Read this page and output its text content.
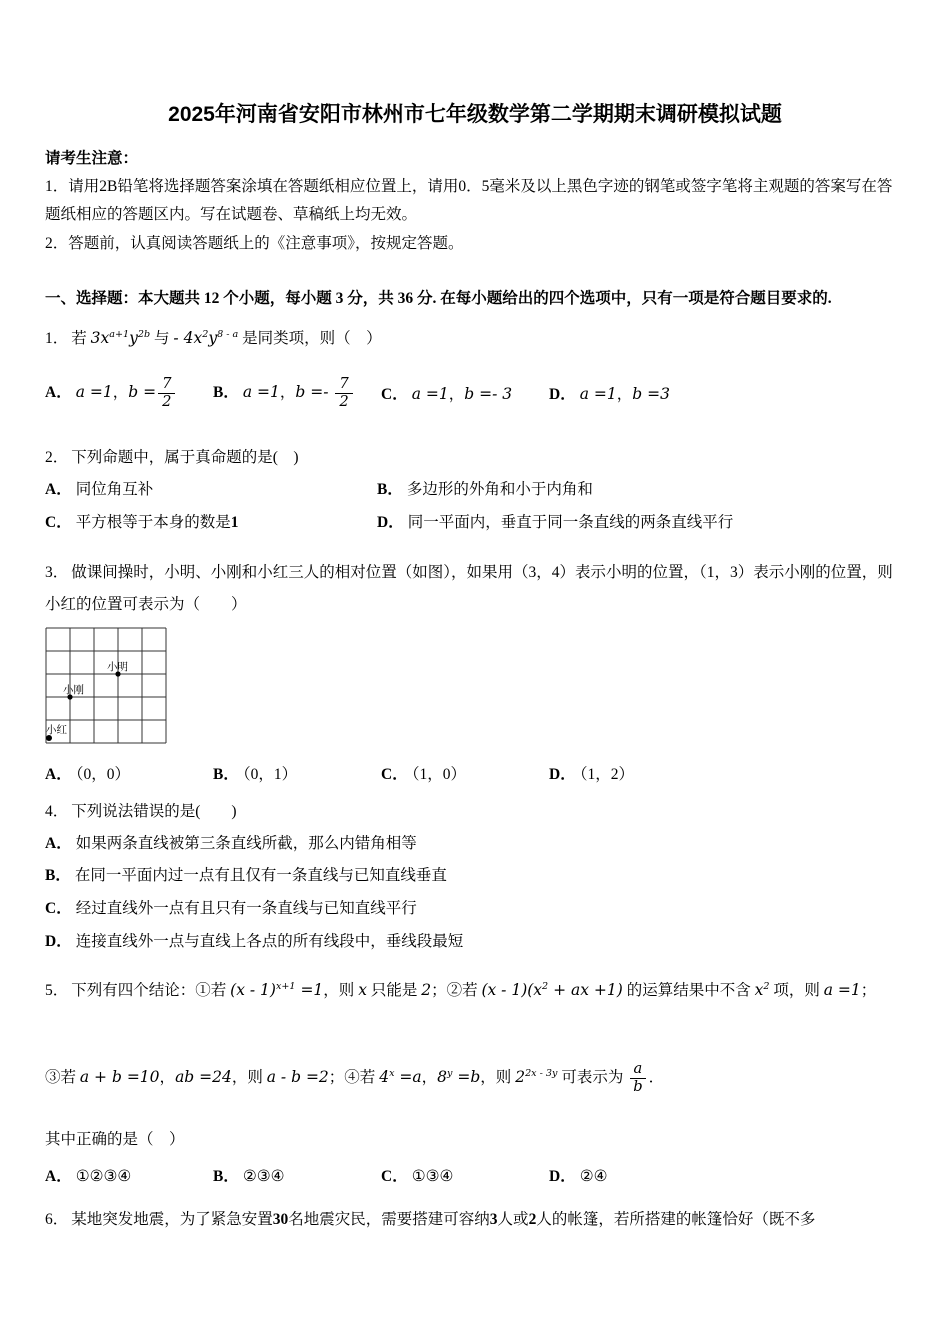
2025年河南省安阳市林州市七年级数学第二学期期末调研模拟试题

请考生注意：

1．请用2B铅笔将选择题答案涂填在答题纸相应位置上，请用0．5毫米及以上黑色字迹的钢笔或签字笔将主观题的答案写在答题纸相应的答题区内。写在试题卷、草稿纸上均无效。

2．答题前，认真阅读答题纸上的《注意事项》，按规定答题。

一、选择题：本大题共 12 个小题，每小题 3 分，共 36 分. 在每小题给出的四个选项中，只有一项是符合题目要求的.

1． 若 $3x^{a+1}y^{2b}$ 与 - $4x^2y^{8 - a}$ 是同类项，则（　）

A． a =1，$b = \frac{7}{2}$ B． a =1，$b =- \frac{7}{2}$ C． a =1，b =- 3	D． a =1，b =3

2． 下列命题中，属于真命题的是(　)

A． 同位角互补	B． 多边形的外角和小于内角和
C． 平方根等于本身的数是1	D． 同一平面内，垂直于同一条直线的两条直线平行

3． 做课间操时，小明、小刚和小红三人的相对位置（如图），如果用（3，4）表示小明的位置，（1，3）表示小刚的位置，则小红的位置可表示为（　　）

小明
小刚
小红
A． （0，0）	B． （0，1）	C． （1，0）	D． （1，2）

4． 下列说法错误的是(　　)

A． 如果两条直线被第三条直线所截，那么内错角相等

B． 在同一平面内过一点有且仅有一条直线与已知直线垂直

C． 经过直线外一点有且只有一条直线与已知直线平行

D． 连接直线外一点与直线上各点的所有线段中，垂线段最短

5． 下列有四个结论：①若 (x - 1)$^{x+1}$ =1，则 x 只能是 2；②若 $(x - 1)(x^2$ + ax +1) 的运算结果中不含 $x^2$ 项，则 a =1；

③若 a + b =10，ab =24，则 a - b =2；④若 $4^x =a$，$8^y =b$，则 $2^{2x - 3y}$ 可表示为 $\frac{a}{b}$ ．

其中正确的是（　）

A． ①②③④	B． ②③④	C． ①③④	D． ②④

6． 某地突发地震，为了紧急安置30名地震灾民，需要搭建可容纳3人或2人的帐篷，若所搭建的帐篷恰好（既不多
